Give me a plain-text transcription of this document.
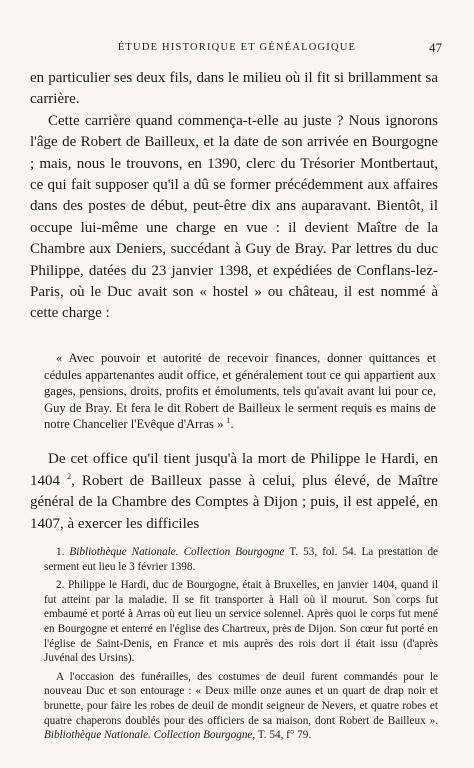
ÉTUDE HISTORIQUE ET GÉNÉALOGIQUE	47

en particulier ses deux fils, dans le milieu où il fit si brillamment sa carrière.

Cette carrière quand commença-t-elle au juste ? Nous ignorons l'âge de Robert de Bailleux, et la date de son arrivée en Bourgogne ; mais, nous le trouvons, en 1390, clerc du Trésorier Montbertaut, ce qui fait supposer qu'il a dû se former précédemment aux affaires dans des postes de début, peut-être dix ans auparavant. Bientôt, il occupe lui-même une charge en vue : il devient Maître de la Chambre aux Deniers, succédant à Guy de Bray. Par lettres du duc Philippe, datées du 23 janvier 1398, et expédiées de Conflans-lez-Paris, où le Duc avait son « hostel » ou château, il est nommé à cette charge :

« Avec pouvoir et autorité de recevoir finances, donner quittances et cédules appartenantes audit office, et généralement tout ce qui appartient aux gages, pensions, droits, profits et émoluments, tels qu'avait avant lui pour ce, Guy de Bray. Et fera le dit Robert de Bailleux le serment requis es mains de notre Chancelier l'Evêque d'Arras » $^1$.

De cet office qu'il tient jusqu'à la mort de Philippe le Hardi, en 1404 $^2$, Robert de Bailleux passe à celui, plus élevé, de Maître général de la Chambre des Comptes à Dijon ; puis, il est appelé, en 1407, à exercer les difficiles

1. Bibliothèque Nationale. Collection Bourgogne T. 53, fol. 54. La prestation de serment eut lieu le 3 février 1398.

2. Philippe le Hardi, duc de Bourgogne, était à Bruxelles, en janvier 1404, quand il fut atteint par la maladie. Il se fit transporter à Hall où il mourut. Son corps fut embaumé et porté à Arras où eut lieu un service solennel. Après quoi le corps fut mené en Bourgogne et enterré en l'église des Chartreux, près de Dijon. Son cœur fut porté en l'église de Saint-Denis, en France et mis auprès des rois dort il était issu (d'après Juvénal des Ursins).

A l'occasion des funérailles, des costumes de deuil furent commandés pour le nouveau Duc et son entourage : « Deux mille onze aunes et un quart de drap noir et brunette, pour faire les robes de deuil de mondit seigneur de Nevers, et quatre robes et quatre chaperons doublés pour des officiers de sa maison, dont Robert de Bailleux ». Bibliothèque Nationale. Collection Bourgogne, T. 54, f° 79.
